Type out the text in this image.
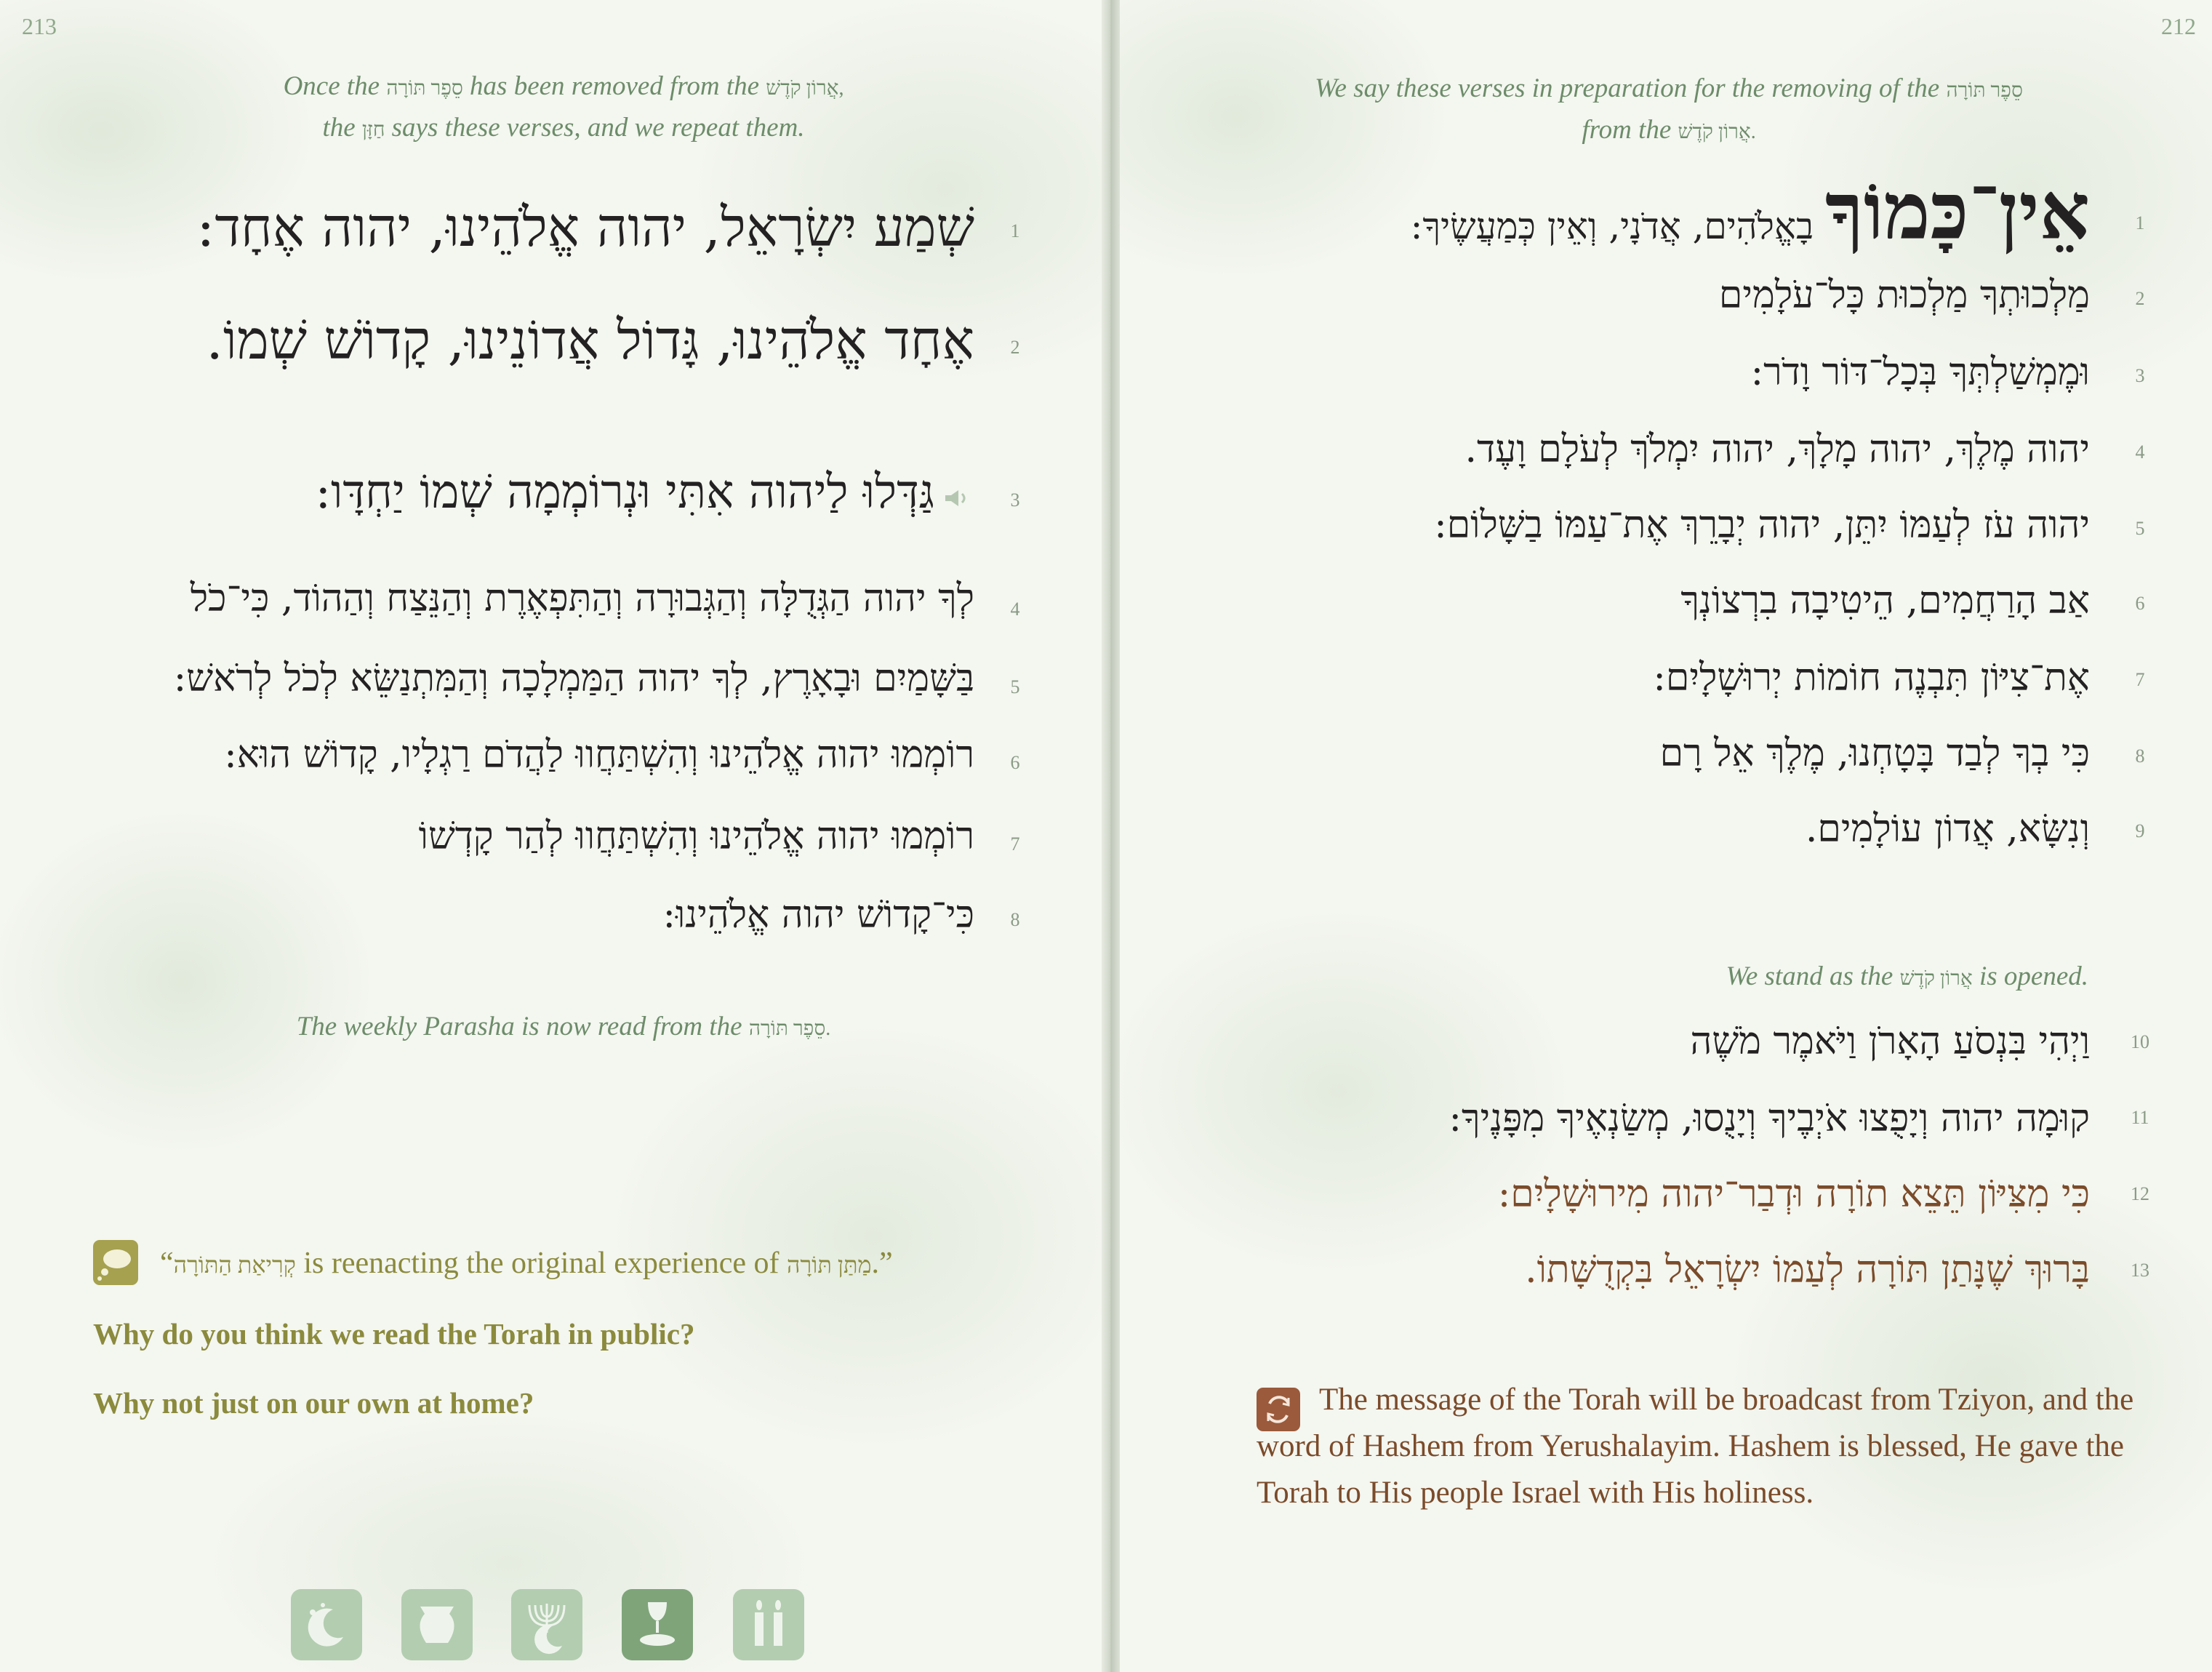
213
Once the סֵפֶר תּוֹרָה has been removed from the אֲרוֹן קֹדֶשׁ,
the חַזָּן says these verses, and we repeat them.
שְׁמַע יִשְׂרָאֵל, יהוה אֱלֹהֵינוּ, יהוה אֶחָד:	1
אֶחָד אֱלֹהֵינוּ, גָּדוֹל אֲדוֹנֵינוּ, קָדוֹשׁ שְׁמוֹ.	2
גַּדְּלוּ לַיהוה אִתִּי וּנְרוֹמְמָה שְׁמוֹ יַחְדָּו:	3
לְךָ יהוה הַגְּדֻלָּה וְהַגְּבוּרָה וְהַתִּפְאֶרֶת וְהַנֵּצַח וְהַהוֹד, כִּי־כֹל	4
בַּשָּׁמַיִם וּבָאָרֶץ, לְךָ יהוה הַמַּמְלָכָה וְהַמִּתְנַשֵּׂא לְכֹל לְרֹאשׁ:	5
רוֹמְמוּ יהוה אֱלֹהֵינוּ וְהִשְׁתַּחֲווּ לַהֲדֹם רַגְלָיו, קָדוֹשׁ הוּא:	6
רוֹמְמוּ יהוה אֱלֹהֵינוּ וְהִשְׁתַּחֲווּ לְהַר קָדְשׁוֹ	7
כִּי־קָדוֹשׁ יהוה אֱלֹהֵינוּ:	8
The weekly Parasha is now read from the סֵפֶר תּוֹרָה.
“קְרִיאַת הַתּוֹרָה is reenacting the original experience of מַתַּן תּוֹרָה.”
Why do you think we read the Torah in public?
Why not just on our own at home?
212
We say these verses in preparation for the removing of the סֵפֶר תּוֹרָה
from the אֲרוֹן קֹדֶשׁ.
אֵין־כָּמוֹךָ בָאֱלֹהִים, אֲדֹנָי, וְאֵין כְּמַעֲשֶׂיךָ:	1
מַלְכוּתְךָ מַלְכוּת כָּל־עֹלָמִים	2
וּמֶמְשַׁלְתְּךָ בְּכָל־דּוֹר וָדֹר:	3
יהוה מֶלֶךְ, יהוה מָלָךְ, יהוה יִמְלֹךְ לְעֹלָם וָעֶד.	4
יהוה עֹז לְעַמּוֹ יִתֵּן, יהוה יְבָרֵךְ אֶת־עַמּוֹ בַשָּׁלוֹם:	5
אַב הָרַחֲמִים, הֵיטִיבָה בִרְצוֹנְךָ	6
אֶת־צִיּוֹן תִּבְנֶה חוֹמוֹת יְרוּשָׁלָיִם:	7
כִּי בְךָ לְבַד בָּטָחְנוּ, מֶלֶךְ אֵל רָם	8
וְנִשָּׂא, אֲדוֹן עוֹלָמִים.	9
We stand as the אֲרוֹן קֹדֶשׁ is opened.
וַיְהִי בִּנְסֹעַ הָאָרֹן וַיֹּאמֶר מֹשֶׁה 10
קוּמָה יהוה וְיָפֻצוּ אֹיְבֶיךָ וְיָנֻסוּ, מְשַׂנְאֶיךָ מִפָּנֶיךָ: 11
כִּי מִצִּיּוֹן תֵּצֵא תוֹרָה וּדְבַר־יהוה מִירוּשָׁלָיִם: 12
בָּרוּךְ שֶׁנָּתַן תּוֹרָה לְעַמּוֹ יִשְׂרָאֵל בִּקְדֻשָּׁתוֹ. 13
The message of the Torah will be broadcast from Tziyon, and the word of Hashem from Yerushalayim. Hashem is blessed, He gave the Torah to His people Israel with His holiness.
